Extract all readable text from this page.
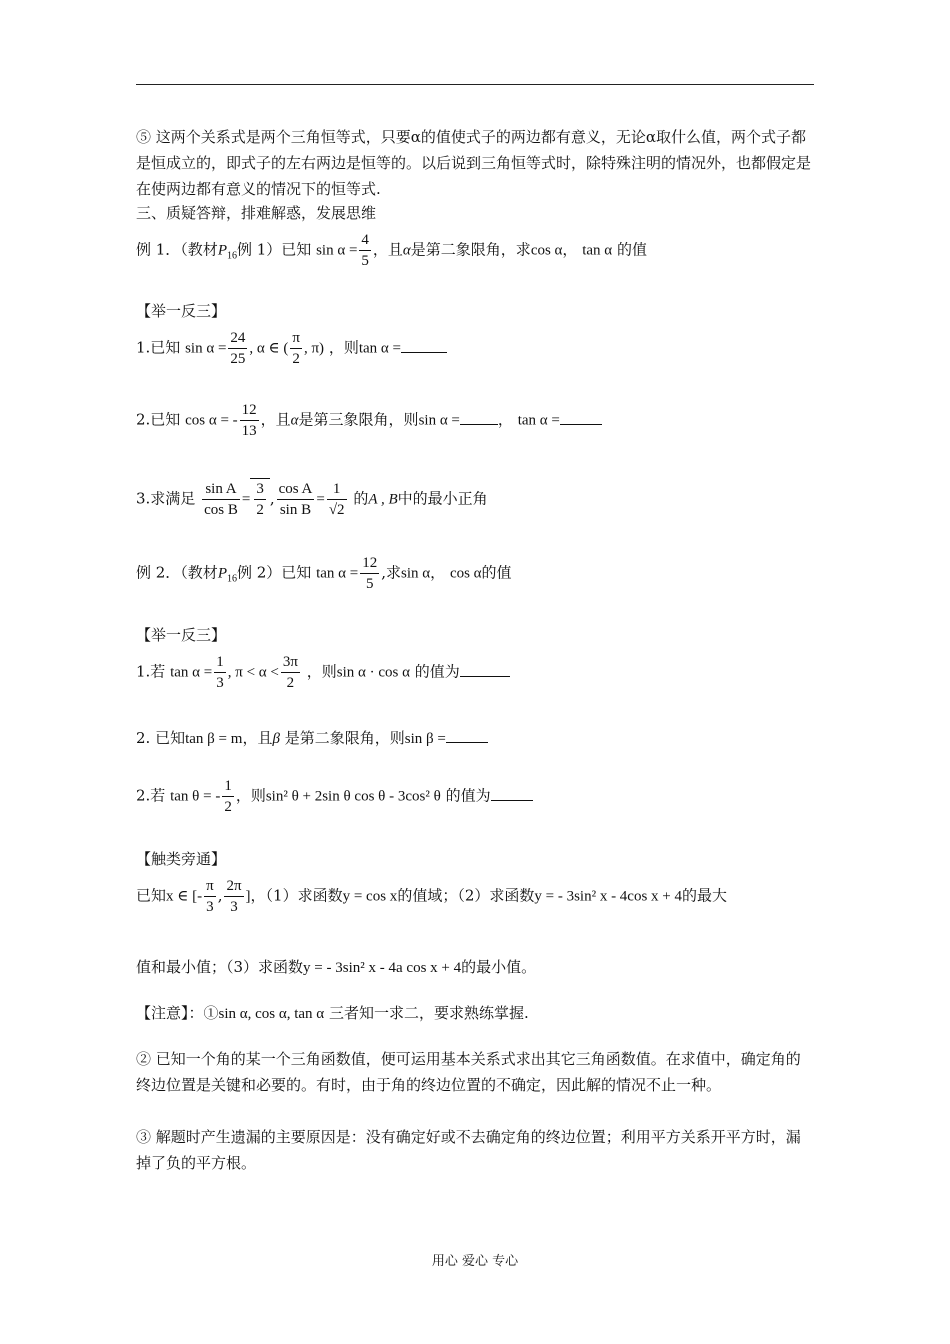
⑤ 这两个关系式是两个三角恒等式，只要α的值使式子的两边都有意义，无论α取什么值，两个式子都是恒成立的，即式子的左右两边是恒等的。以后说到三角恒等式时，除特殊注明的情况外，也都假定是在使两边都有意义的情况下的恒等式.
三、质疑答辩，排难解惑，发展思维
例 1．（教材$P_{16}$例 1）已知 $\sin \alpha = \frac{4}{5}$ ，且α是第二象限角，求cos α， tan α 的值
【举一反三】
1.已知 $\sin \alpha = \frac{24}{25}$ , α ∈ ( $\frac{\pi}{2}$ , π) ，则tan α =
2.已知 cos α = - $\frac{12}{13}$ ，且α是第三象限角，则sin α =	， tan α =
3.求满足 $\frac{\text{sin A}}{\text{cos B}} = \frac{3}{2}$ , $\frac{\text{cos A}}{\text{sin B}} = \frac{1}{√2}$ 的A , B中的最小正角
例 2．（教材$P_{16}$例 2）已知 $\tan \alpha = \frac{12}{5}$ ,求sin α， cos α的值
【举一反三】
1.若 $\tan \alpha = \frac{1}{3}$ , $\pi < \alpha < \frac{3\pi}{2}$ ，则sin α · cos α 的值为
2. 已知tan β = m，且β 是第二象限角，则sin β =
2.若 tan θ = - $\frac{1}{2}$ ，则sin² θ + 2sin θ cos θ - 3cos² θ 的值为
【触类旁通】
已知x ∈ [- $\frac{\pi}{3}$ , $\frac{2\pi}{3}$ ]，（1）求函数y = cos x的值域；（2）求函数y = - 3sin² x - 4cos x + 4的最大
值和最小值；（3）求函数y = - 3sin² x - 4a cos x + 4的最小值。
【注意】：①sin α, cos α, tan α 三者知一求二，要求熟练掌握.
② 已知一个角的某一个三角函数值，便可运用基本关系式求出其它三角函数值。在求值中，确定角的终边位置是关键和必要的。有时，由于角的终边位置的不确定，因此解的情况不止一种。
③ 解题时产生遗漏的主要原因是：没有确定好或不去确定角的终边位置；利用平方关系开平方时，漏掉了负的平方根。
用心 爱心 专心
